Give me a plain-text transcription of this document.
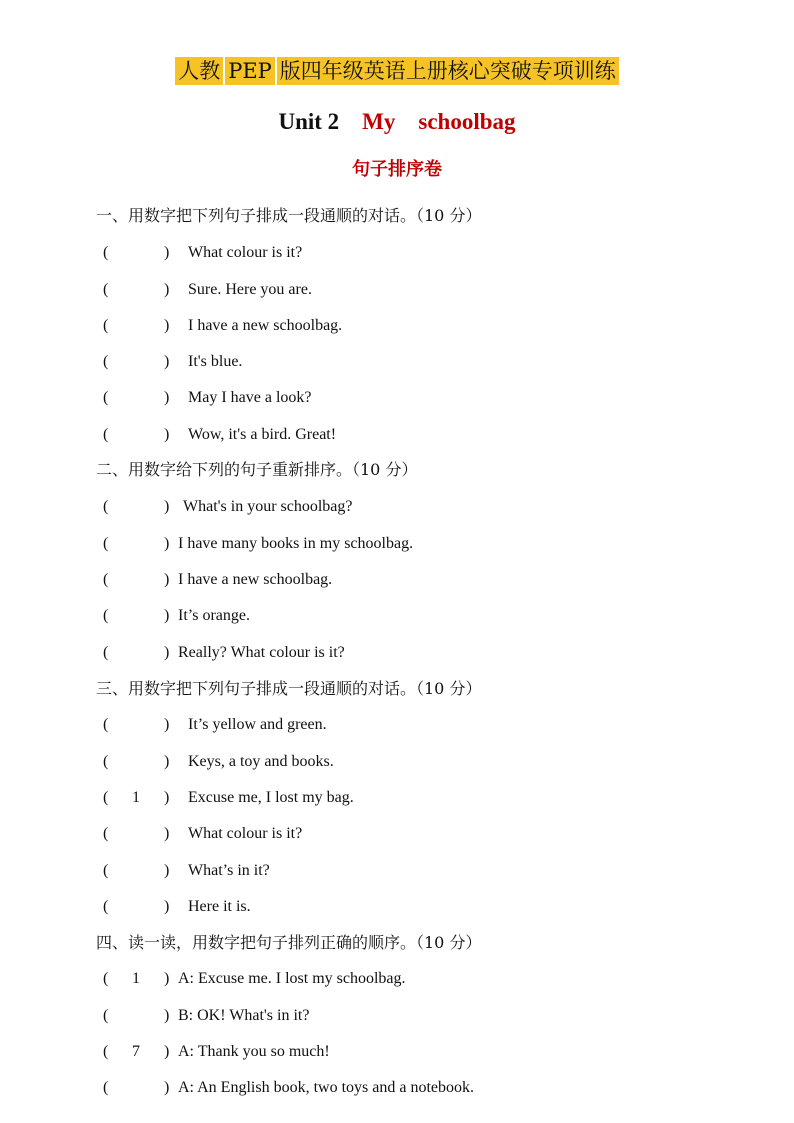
人教 PEP 版四年级英语上册核心突破专项训练
Unit 2 My    schoolbag
句子排序卷
一、用数字把下列句子排成一段通顺的对话。（10 分）
(	) What colour is it?
(	) Sure. Here you are.
(	) I have a new schoolbag.
(	) It's blue.
(	) May I have a look?
(	) Wow, it's a bird. Great!
二、用数字给下列的句子重新排序。（10 分）
(	) What's in your schoolbag?
(	) I have many books in my schoolbag.
(	) I have a new schoolbag.
(	) It’s orange.
(	) Really? What colour is it?
三、用数字把下列句子排成一段通顺的对话。（10 分）
(	) It’s yellow and green.
(	) Keys, a toy and books.
( 1 ) Excuse me, I lost my bag.
(	) What colour is it?
(	) What’s in it?
(	) Here it is.
四、读一读，用数字把句子排列正确的顺序。（10 分）
( 1 ) A: Excuse me. I lost my schoolbag.
(	) B: OK! What's in it?
( 7 ) A: Thank you so much!
(	) A: An English book, two toys and a notebook.
